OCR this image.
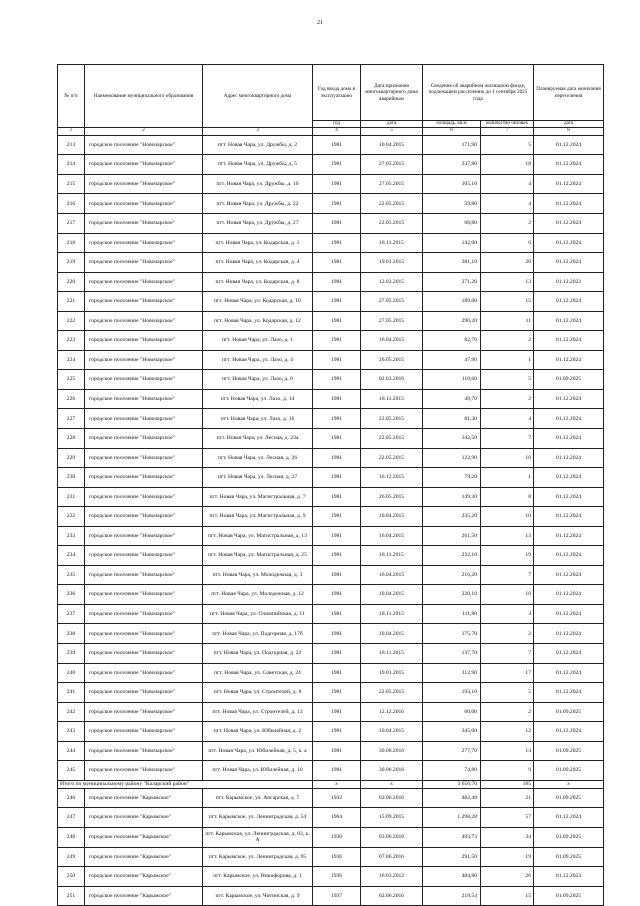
21
№ п/п	Наименование муниципального образования	Адрес многоквартирного дома	Год ввода дома в эксплуатацию	Дата признания многоквартирного дома аварийным	Сведения об аварийном жилищном фонде, подлежащем расселению до 1 сентября 2025 года		Планируемая дата окончания переселения
			год	дата	площадь, кв.м	количество человек	дата
1	2	3	4	5	6	7	8
213	городское поселение "Новочарское"	пгт. Новая Чара, ул. Дружбы, д. 2	1981	10.04.2015	171,90	5	01.12.2024
214	городское поселение "Новочарское"	пгт. Новая Чара, ул. Дружбы, д. 5	1981	27.05.2015	337,80	18	01.12.2024
215	городское поселение "Новочарское"	пгт. Новая Чара, ул. Дружбы, д. 10	1981	27.05.2015	105,10	4	01.12.2024
216	городское поселение "Новочарское"	пгт. Новая Чара, ул. Дружбы, д. 22	1981	22.05.2015	59,80	4	01.12.2024
217	городское поселение "Новочарское"	пгт. Новая Чара, ул. Дружбы, д. 27	1981	22.05.2015	68,80	2	01.12.2024
218	городское поселение "Новочарское"	пгт. Новая Чара, ул. Кодарская, д. 1	1981	18.11.2015	142,00	6	01.12.2024
219	городское поселение "Новочарское"	пгт. Новая Чара, ул. Кодарская, д. 4	1981	19.01.2015	381,10	20	01.12.2024
220	городское поселение "Новочарское"	пгт. Новая Чара, ул. Кодарская, д. 8	1981	12.03.2015	271,20	13	01.12.2023
221	городское поселение "Новочарское"	пгт. Новая Чара, ул. Кодарская, д. 10	1981	27.05.2015	189,00	15	01.12.2024
222	городское поселение "Новочарское"	пгт. Новая Чара, ул. Кодарская, д. 12	1981	27.05.2015	290,20	11	01.12.2024
223	городское поселение "Новочарское"	пгт. Новая Чара, ул. Лазо, д. 1	1981	16.04.2015	82,70	2	01.12.2024
224	городское поселение "Новочарское"	пгт. Новая Чара, ул. Лазо, д. 4	1981	26.05.2015	47,90	1	01.12.2024
225	городское поселение "Новочарское"	пгт. Новая Чара, ул. Лазо, д. 6	1981	02.03.2016	110,60	5	01.09.2025
226	городское поселение "Новочарское"	пгт. Новая Чара, ул. Лазо, д. 14	1981	18.11.2015	49,70	2	01.12.2024
227	городское поселение "Новочарское"	пгт. Новая Чара, ул. Лазо, д. 16	1981	22.05.2015	81,30	4	01.12.2024
228	городское поселение "Новочарское"	пгт. Новая Чара, ул. Лесная, д. 23а	1981	22.05.2015	142,50	7	01.12.2024
229	городское поселение "Новочарское"	пгт. Новая Чара, ул. Лесная, д. 26	1981	22.05.2015	122,90	10	01.12.2024
230	городское поселение "Новочарское"	пгт. Новая Чара, ул. Лесная, д. 27	1981	16.12.2015	79,20	1	01.12.2024
231	городское поселение "Новочарское"	пгт. Новая Чара, ул. Магистральная, д. 7	1981	26.05.2015	149,30	8	01.12.2024
232	городское поселение "Новочарское"	пгт. Новая Чара, ул. Магистральная, д. 9	1981	10.04.2015	235,20	10	01.12.2024
233	городское поселение "Новочарское"	пгт. Новая Чара, ул. Магистральная, д. 13	1981	16.04.2015	261,50	13	01.12.2024
234	городское поселение "Новочарское"	пгт. Новая Чара, ул. Магистральная, д. 25	1981	18.11.2015	232,10	19	01.12.2024
235	городское поселение "Новочарское"	пгт. Новая Чара, ул. Молодежная, д. 3	1981	16.04.2015	216,20	7	01.12.2024
236	городское поселение "Новочарское"	пгт. Новая Чара, ул. Молодежная, д. 12	1981	10.04.2015	220,10	10	01.12.2024
237	городское поселение "Новочарское"	пгт. Новая Чара, ул. Олимпийская, д. 11	1981	18.11.2015	111,80	4	01.12.2024
238	городское поселение "Новочарское"	пгт. Новая Чара, ул. Подгорная, д. 17б	1981	10.04.2015	175,70	2	01.12.2024
239	городское поселение "Новочарское"	пгт. Новая Чара, ул. Подгорная, д. 22	1981	18.11.2015	137,70	7	01.12.2024
240	городское поселение "Новочарское"	пгт. Новая Чара, ул. Советская, д. 24	1981	19.01.2015	312,90	17	01.12.2024
241	городское поселение "Новочарское"	пгт. Новая Чара, ул. Строителей, д. 8	1981	22.05.2015	193,10	5	01.12.2024
242	городское поселение "Новочарское"	пгт. Новая Чара, ул. Строителей, д. 13	1981	12.12.2016	60,00	2	01.09.2025
243	городское поселение "Новочарское"	пгт. Новая Чара, ул. Юбилейная, д. 2	1981	10.04.2015	345,00	12	01.12.2024
244	городское поселение "Новочарское"	пгт. Новая Чара, ул. Юбилейная, д. 5, к. а	1981	30.06.2016	277,70	14	01.09.2025
245	городское поселение "Новочарское"	пгт. Новая Чара, ул. Юбилейная, д. 10	1981	30.06.2016	74,80	9	01.09.2025
Итого по муниципальному району "Каларский район"			x	x	3 656,70	185	x
246	городское поселение "Карымское"	пгт. Карымское, ул. Ангарская, д. 7	1932	02.06.2016	482,48	21	01.09.2025
247	городское поселение "Карымское"	пгт. Карымское, ул. Ленинградская, д. 54	1964	15.09.2015	1 298,28	57	01.12.2024
248	городское поселение "Карымское"	пгт. Карымское, ул. Ленинградская, д. 83, к. А	1936	03.06.2016	493,73	34	01.09.2025
249	городское поселение "Карымское"	пгт. Карымское, ул. Ленинградская, д. 95	1936	07.06.2016	291,50	19	01.09.2025
250	городское поселение "Карымское"	пгт. Карымское, ул. Никифорова, д. 1	1936	16.03.2012	484,80	26	01.12.2023
251	городское поселение "Карымское"	пгт. Карымское, ул. Читинская, д. 9	1937	02.06.2016	218,54	15	01.09.2025
